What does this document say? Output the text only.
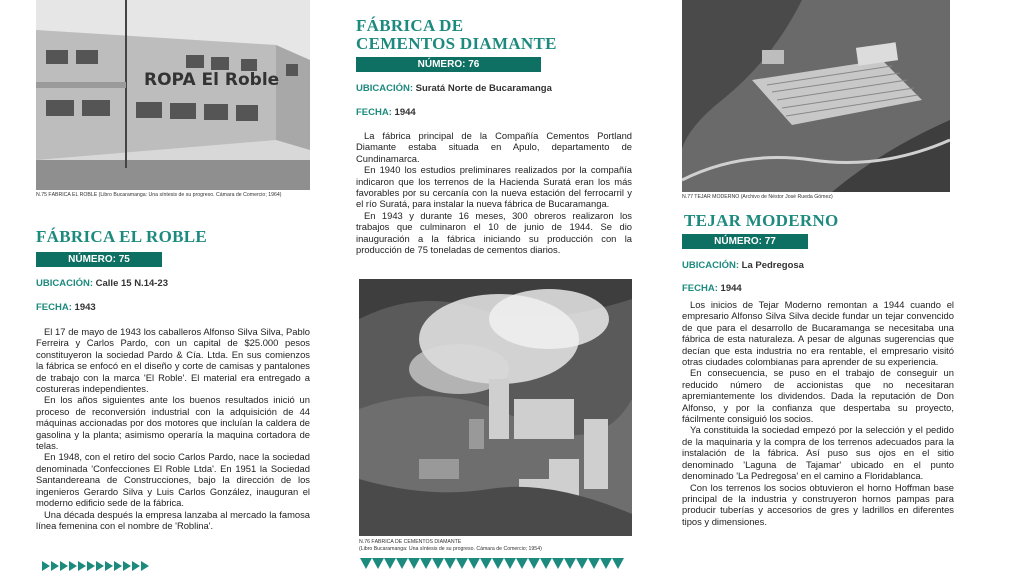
ROPA El Roble
N.75 FÁBRICA EL ROBLE (Libro Bucaramanga: Una síntesis de su progreso. Cámara de Comercio; 1964)
FÁBRICA EL ROBLE
NÚMERO: 75

UBICACIÓN: Calle 15 N.14-23

FECHA: 1943

El 17 de mayo de 1943 los caballeros Alfonso Silva Silva, Pablo Ferreira y Carlos Pardo, con un capital de $25.000 pesos constituyeron la sociedad Pardo & Cía. Ltda. En sus comienzos la fábrica se enfocó en el diseño y corte de camisas y pantalones de trabajo con la marca 'El Roble'. El material era entregado a costureras independientes.

En los años siguientes ante los buenos resultados inició un proceso de reconversión industrial con la adquisición de 44 máquinas accionadas por dos motores que incluían la caldera de gasolina y la planta; asimismo operaría la maquina cortadora de telas.

En 1948, con el retiro del socio Carlos Pardo, nace la sociedad denominada 'Confecciones El Roble Ltda'. En 1951 la Sociedad Santandereana de Construcciones, bajo la dirección de los ingenieros Gerardo Silva y Luis Carlos González, inauguran el moderno edificio sede de la fábrica.

Una década después la empresa lanzaba al mercado la famosa línea femenina con el nombre de 'Roblina'.

FÁBRICA DE
CEMENTOS DIAMANTE
NÚMERO: 76

UBICACIÓN: Suratá Norte de Bucaramanga

FECHA: 1944

La fábrica principal de la Compañía Cementos Portland Diamante estaba situada en Apulo, departamento de Cundinamarca.

En 1940 los estudios preliminares realizados por la compañía indicaron que los terrenos de la Hacienda Suratá eran los más favorables por su cercanía con la nueva estación del ferrocarril y el río Suratá, para instalar la nueva fábrica de Bucaramanga.

En 1943 y durante 16 meses, 300 obreros realizaron los trabajos que culminaron el 10 de junio de 1944. Se dio inauguración a la fábrica iniciando su producción con la producción de 75 toneladas de cementos diarios.

N.76 FÁBRICA DE CEMENTOS DIAMANTE
(Libro Bucaramanga: Una síntesis de su progreso. Cámara de Comercio; 1954)
N.77 TEJAR MODERNO (Archivo de Néstor José Rueda Gómez)
TEJAR MODERNO
NÚMERO: 77

UBICACIÓN: La Pedregosa

FECHA: 1944

Los inicios de Tejar Moderno remontan a 1944 cuando el empresario Alfonso Silva Silva decide fundar un tejar convencido de que para el desarrollo de Bucaramanga se necesitaba una fábrica de esta naturaleza. A pesar de algunas sugerencias que decían que esta industria no era rentable, el empresario visitó otras ciudades colombianas para aprender de su experiencia.

En consecuencia, se puso en el trabajo de conseguir un reducido número de accionistas que no necesitaran apremiantemente los dividendos. Dada la reputación de Don Alfonso, y por la confianza que despertaba su proyecto, fácilmente consiguió los socios.

Ya constituida la sociedad empezó por la selección y el pedido de la maquinaria y la compra de los terrenos adecuados para la instalación de la fábrica. Así puso sus ojos en el sitio denominado 'Laguna de Tajamar' ubicado en el punto denominado 'La Pedregosa' en el camino a Floridablanca.

Con los terrenos los socios obtuvieron el horno Hoffman base principal de la industria y construyeron hornos pampas para producir tuberías y accesorios de gres y ladrillos en diferentes tipos y dimensiones.
